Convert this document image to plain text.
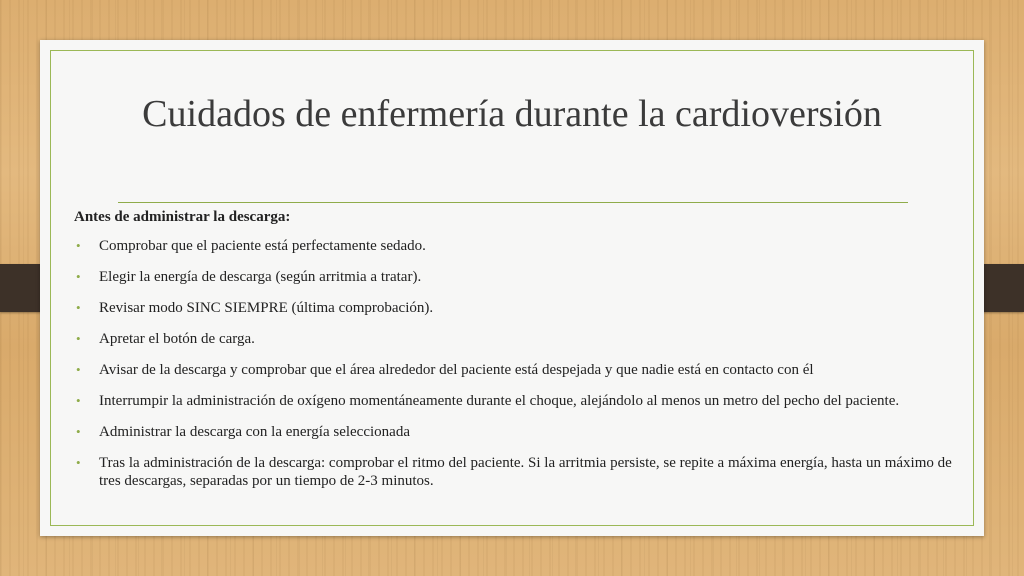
Cuidados de enfermería durante la cardioversión

Antes de administrar la descarga:

• Comprobar que el paciente está perfectamente sedado.
• Elegir la energía de descarga (según arritmia a tratar).
• Revisar modo SINC SIEMPRE (última comprobación).
• Apretar el botón de carga.
• Avisar de la descarga y comprobar que el área alrededor del paciente está despejada y que nadie está en contacto con él
• Interrumpir la administración de oxígeno momentáneamente durante el choque, alejándolo al menos un metro del pecho del paciente.
• Administrar la descarga con la energía seleccionada
• Tras la administración de la descarga: comprobar el ritmo del paciente. Si la arritmia persiste, se repite a máxima energía, hasta un máximo de tres descargas, separadas por un tiempo de 2-3 minutos.
